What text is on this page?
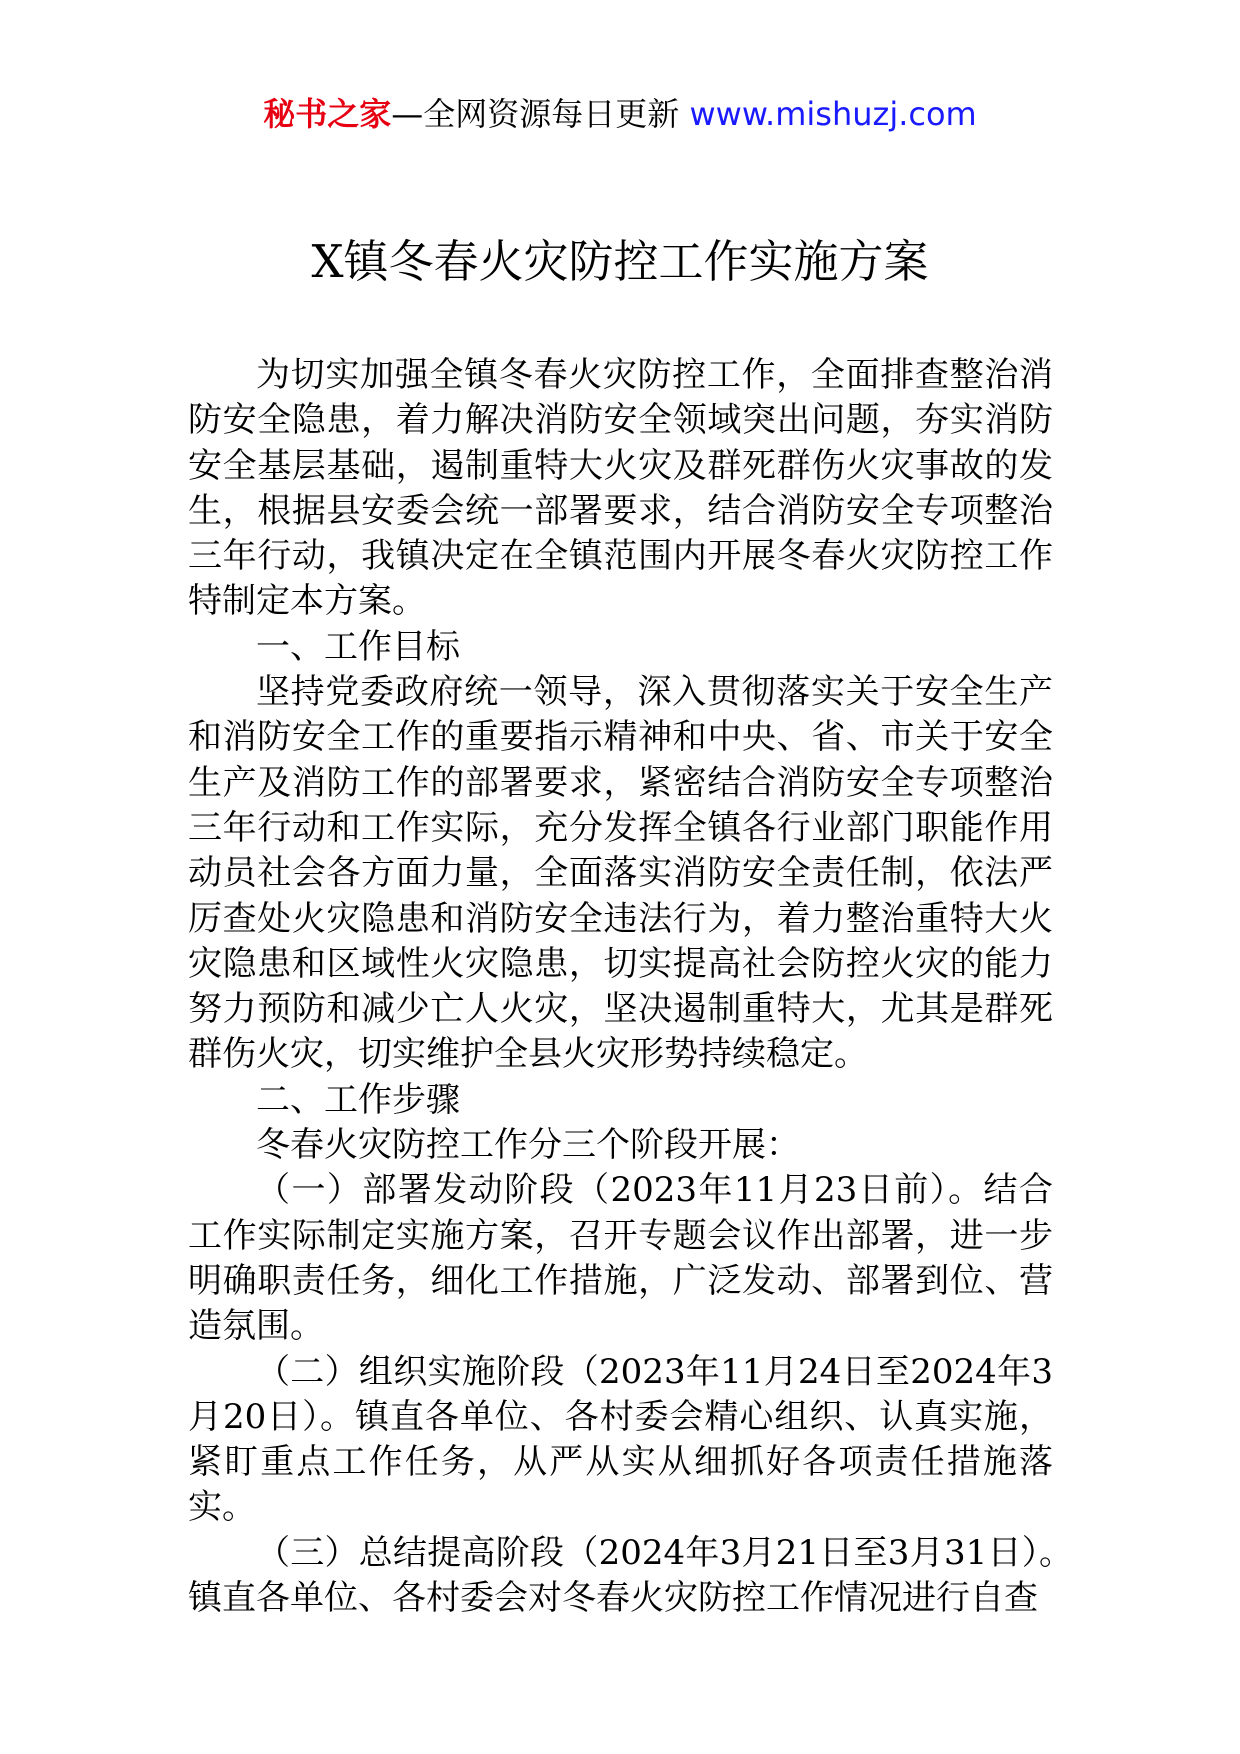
秘书之家—全网资源每日更新 www.mishuzj.com
X镇冬春火灾防控工作实施方案

为切实加强全镇冬春火灾防控工作，全面排查整治消防安全隐患，着力解决消防安全领域突出问题，夯实消防安全基层基础，遏制重特大火灾及群死群伤火灾事故的发生，根据县安委会统一部署要求，结合消防安全专项整治三年行动，我镇决定在全镇范围内开展冬春火灾防控工作特制定本方案。

一、工作目标

坚持党委政府统一领导，深入贯彻落实关于安全生产和消防安全工作的重要指示精神和中央、省、市关于安全生产及消防工作的部署要求，紧密结合消防安全专项整治三年行动和工作实际，充分发挥全镇各行业部门职能作用动员社会各方面力量，全面落实消防安全责任制，依法严厉查处火灾隐患和消防安全违法行为，着力整治重特大火灾隐患和区域性火灾隐患，切实提高社会防控火灾的能力努力预防和减少亡人火灾，坚决遏制重特大，尤其是群死群伤火灾，切实维护全县火灾形势持续稳定。

二、工作步骤

冬春火灾防控工作分三个阶段开展：

（一）部署发动阶段（2023年11月23日前）。结合工作实际制定实施方案，召开专题会议作出部署，进一步明确职责任务，细化工作措施，广泛发动、部署到位、营造氛围。

（二）组织实施阶段（2023年11月24日至2024年3月20日）。镇直各单位、各村委会精心组织、认真实施，紧盯重点工作任务，从严从实从细抓好各项责任措施落实。

（三）总结提高阶段（2024年3月21日至3月31日）。镇直各单位、各村委会对冬春火灾防控工作情况进行自查
